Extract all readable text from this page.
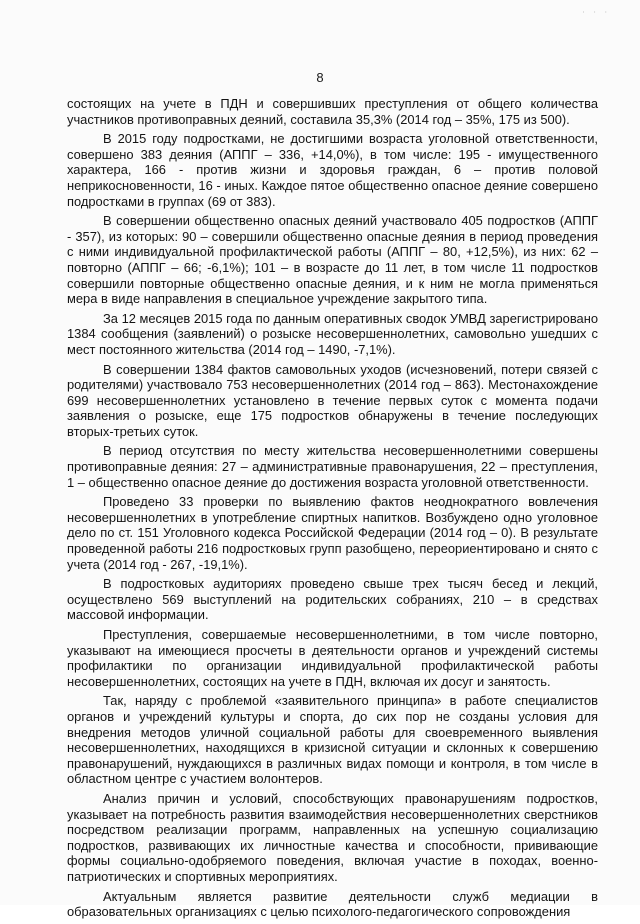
· · ·
8

состоящих на учете в ПДН и совершивших преступления от общего количества участников противоправных деяний, составила 35,3% (2014 год – 35%, 175 из 500).

В 2015 году подростками, не достигшими возраста уголовной ответственности, совершено 383 деяния (АППГ – 336, +14,0%), в том числе: 195 - имущественного характера, 166 - против жизни и здоровья граждан, 6 – против половой неприкосновенности, 16 - иных. Каждое пятое общественно опасное деяние совершено подростками в группах (69 от 383).

В совершении общественно опасных деяний участвовало 405 подростков (АППГ - 357), из которых: 90 – совершили общественно опасные деяния в период проведения с ними индивидуальной профилактической работы (АППГ – 80, +12,5%), из них: 62 – повторно (АППГ – 66; -6,1%); 101 – в возрасте до 11 лет, в том числе 11 подростков совершили повторные общественно опасные деяния, и к ним не могла применяться мера в виде направления в специальное учреждение закрытого типа.

За 12 месяцев 2015 года по данным оперативных сводок УМВД зарегистрировано 1384 сообщения (заявлений) о розыске несовершеннолетних, самовольно ушедших с мест постоянного жительства (2014 год – 1490, -7,1%).

В совершении 1384 фактов самовольных уходов (исчезновений, потери связей с родителями) участвовало 753 несовершеннолетних (2014 год – 863). Местонахождение 699 несовершеннолетних установлено в течение первых суток с момента подачи заявления о розыске, еще 175 подростков обнаружены в течение последующих вторых-третьих суток.

В период отсутствия по месту жительства несовершеннолетними совершены противоправные деяния: 27 – административные правонарушения, 22 – преступления, 1 – общественно опасное деяние до достижения возраста уголовной ответственности.

Проведено 33 проверки по выявлению фактов неоднократного вовлечения несовершеннолетних в употребление спиртных напитков. Возбуждено одно уголовное дело по ст. 151 Уголовного кодекса Российской Федерации (2014 год – 0). В результате проведенной работы 216 подростковых групп разобщено, переориентировано и снято с учета (2014 год - 267, -19,1%).

В подростковых аудиториях проведено свыше трех тысяч бесед и лекций, осуществлено 569 выступлений на родительских собраниях, 210 – в средствах массовой информации.

Преступления, совершаемые несовершеннолетними, в том числе повторно, указывают на имеющиеся просчеты в деятельности органов и учреждений системы профилактики по организации индивидуальной профилактической работы несовершеннолетних, состоящих на учете в ПДН, включая их досуг и занятость.

Так, наряду с проблемой «заявительного принципа» в работе специалистов органов и учреждений культуры и спорта, до сих пор не созданы условия для внедрения методов уличной социальной работы для своевременного выявления несовершеннолетних, находящихся в кризисной ситуации и склонных к совершению правонарушений, нуждающихся в различных видах помощи и контроля, в том числе в областном центре с участием волонтеров.

Анализ причин и условий, способствующих правонарушениям подростков, указывает на потребность развития взаимодействия несовершеннолетних сверстников посредством реализации программ, направленных на успешную социализацию подростков, развивающих их личностные качества и способности, прививающие формы социально-одобряемого поведения, включая участие в походах, военно-патриотических и спортивных мероприятиях.

Актуальным является развитие деятельности служб медиации в образовательных организациях с целью психолого-педагогического сопровождения
